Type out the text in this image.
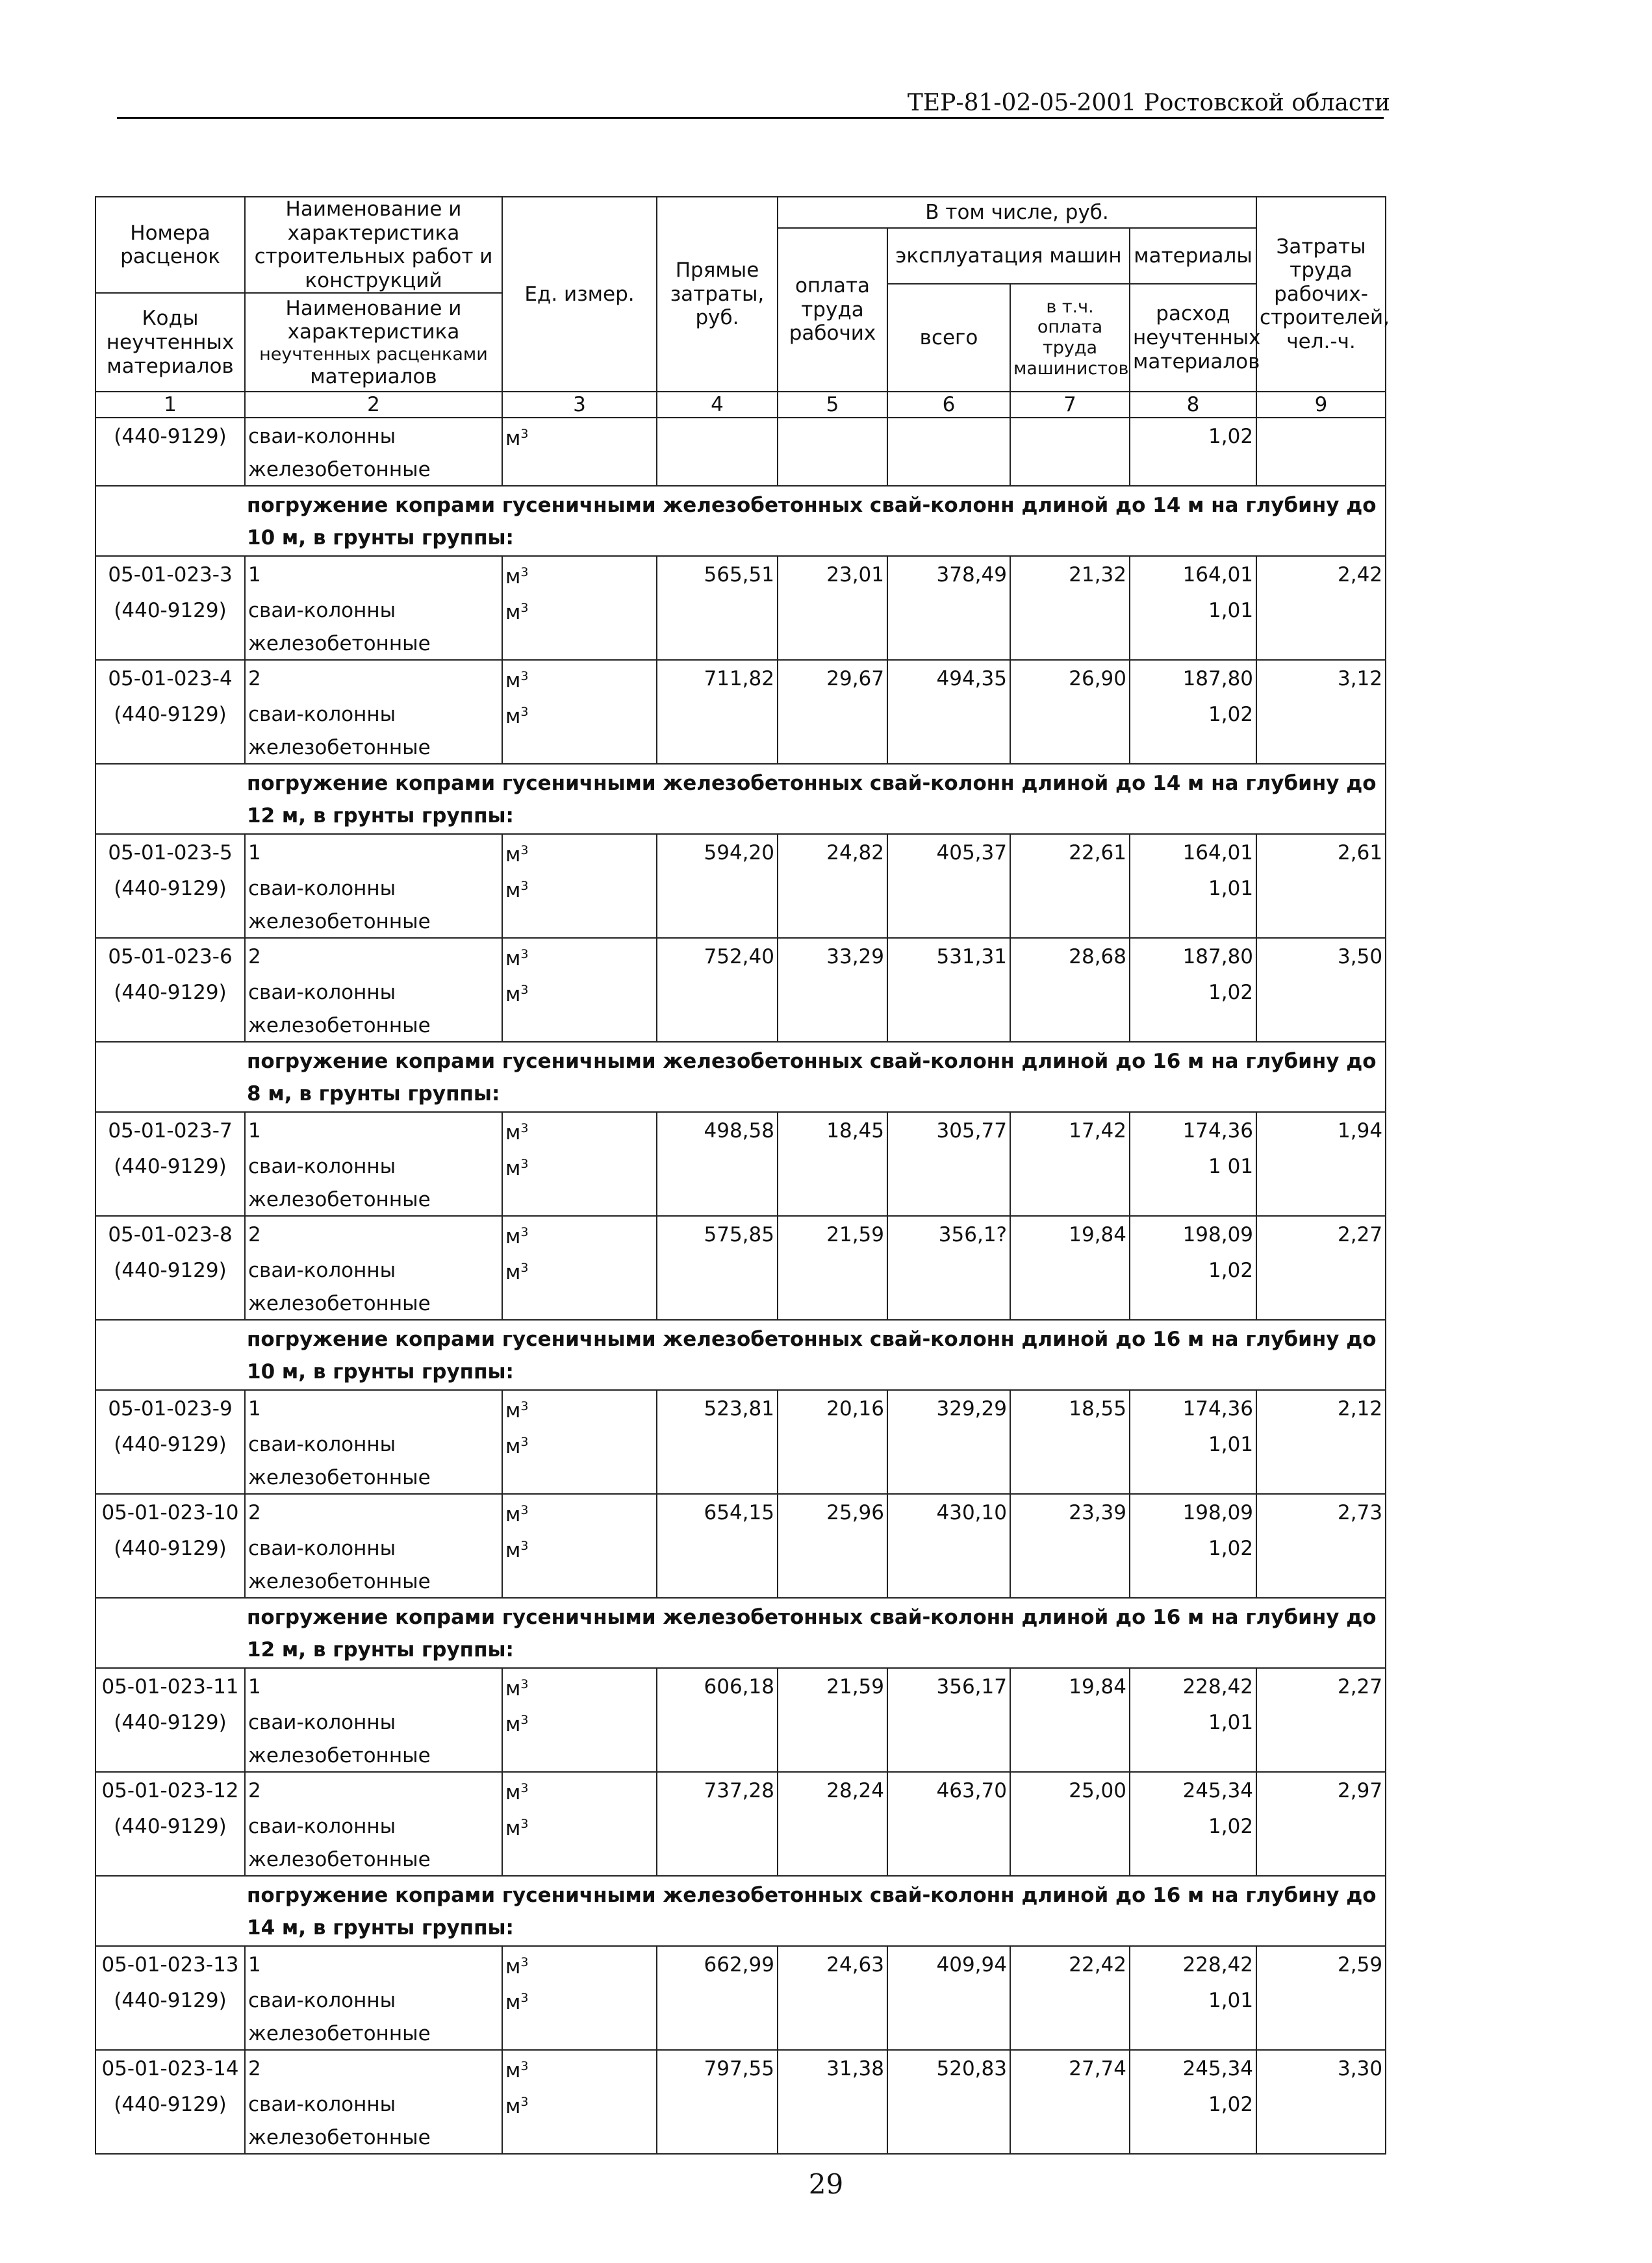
ТЕР-81-02-05-2001 Ростовской области
Номера расценок	Наименование и характеристика строительных работ и конструкций	Ед. измер.	Прямые затраты, руб.	В том числе, руб.				Затраты труда рабочих-строителей, чел.-ч.
				оплата труда рабочих	эксплуатация машин		материалы	
					всего	в т.ч. оплата труда машинистов	расход неучтенных материалов	
Коды неучтенных материалов	Наименование и характеристика
неучтенных расценками
материалов							

1	2	3	4	5	6	7	8	9
(440-9129)	сваи-колонны	$м^3$					1,02	
	железобетонные							
погружение копрами гусеничными железобетонных свай-колонн длиной до 14 м на глубину до 10 м, в грунты группы:								
05-01-023-3	1	$м^3$	565,51	23,01	378,49	21,32	164,01	2,42
(440-9129)	сваи-колонны	$м^3$					1,01	
	железобетонные							
05-01-023-4	2	$м^3$	711,82	29,67	494,35	26,90	187,80	3,12
(440-9129)	сваи-колонны	$м^3$					1,02	
	железобетонные							
погружение копрами гусеничными железобетонных свай-колонн длиной до 14 м на глубину до 12 м, в грунты группы:								
05-01-023-5	1	$м^3$	594,20	24,82	405,37	22,61	164,01	2,61
(440-9129)	сваи-колонны	$м^3$					1,01	
	железобетонные							
05-01-023-6	2	$м^3$	752,40	33,29	531,31	28,68	187,80	3,50
(440-9129)	сваи-колонны	$м^3$					1,02	
	железобетонные							
погружение копрами гусеничными железобетонных свай-колонн длиной до 16 м на глубину до 8 м, в грунты группы:								
05-01-023-7	1	$м^3$	498,58	18,45	305,77	17,42	174,36	1,94
(440-9129)	сваи-колонны	$м^3$					1 01	
	железобетонные							
05-01-023-8	2	$м^3$	575,85	21,59	356,1?	19,84	198,09	2,27
(440-9129)	сваи-колонны	$м^3$					1,02	
	железобетонные							
погружение копрами гусеничными железобетонных свай-колонн длиной до 16 м на глубину до 10 м, в грунты группы:								
05-01-023-9	1	$м^3$	523,81	20,16	329,29	18,55	174,36	2,12
(440-9129)	сваи-колонны	$м^3$					1,01	
	железобетонные							
05-01-023-10	2	$м^3$	654,15	25,96	430,10	23,39	198,09	2,73
(440-9129)	сваи-колонны	$м^3$					1,02	
	железобетонные							
погружение копрами гусеничными железобетонных свай-колонн длиной до 16 м на глубину до 12 м, в грунты группы:								
05-01-023-11	1	$м^3$	606,18	21,59	356,17	19,84	228,42	2,27
(440-9129)	сваи-колонны	$м^3$					1,01	
	железобетонные							
05-01-023-12	2	$м^3$	737,28	28,24	463,70	25,00	245,34	2,97
(440-9129)	сваи-колонны	$м^3$					1,02	
	железобетонные							
погружение копрами гусеничными железобетонных свай-колонн длиной до 16 м на глубину до 14 м, в грунты группы:								
05-01-023-13	1	$м^3$	662,99	24,63	409,94	22,42	228,42	2,59
(440-9129)	сваи-колонны	$м^3$					1,01	
	железобетонные							
05-01-023-14	2	$м^3$	797,55	31,38	520,83	27,74	245,34	3,30
(440-9129)	сваи-колонны	$м^3$					1,02	
	железобетонные							
29
